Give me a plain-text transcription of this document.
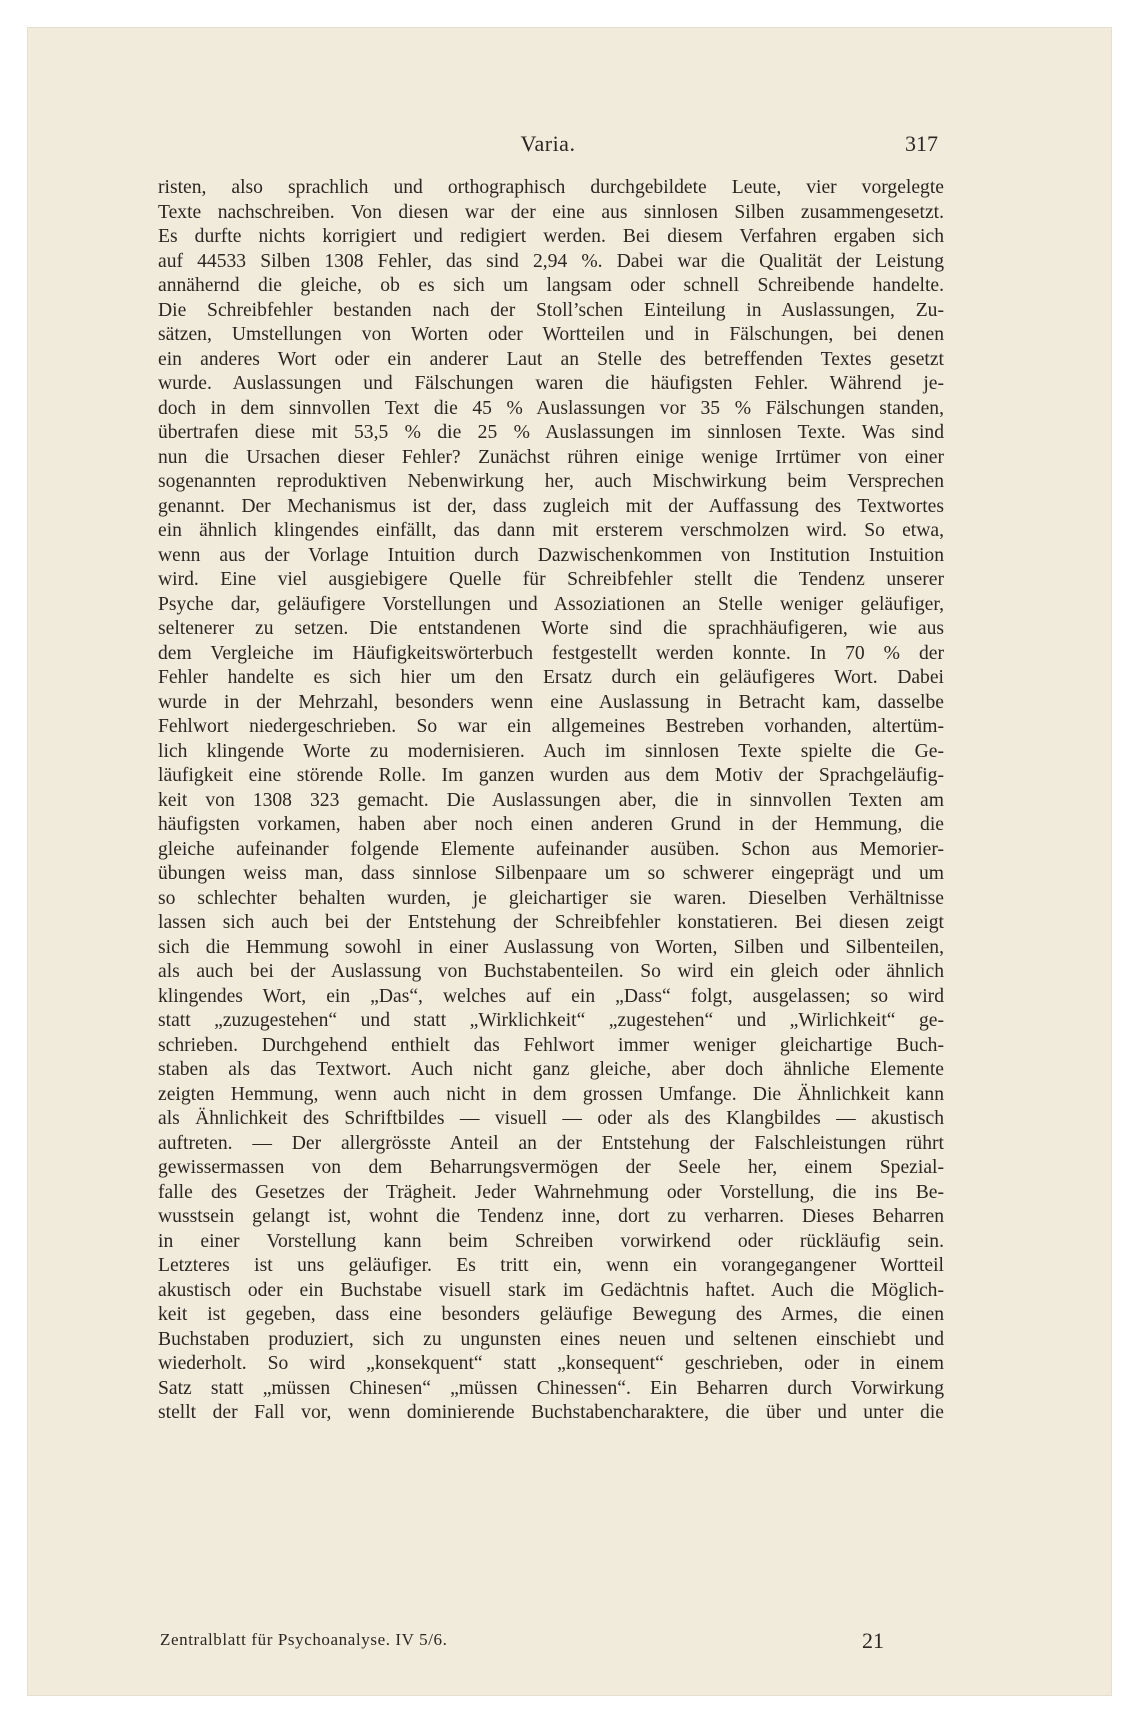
Varia.	317
risten, also sprachlich und orthographisch durchgebildete Leute, vier vorgelegte
Texte nachschreiben. Von diesen war der eine aus sinnlosen Silben zusammengesetzt.
Es durfte nichts korrigiert und redigiert werden. Bei diesem Verfahren ergaben sich
auf 44533 Silben 1308 Fehler, das sind 2,94 %. Dabei war die Qualität der Leistung
annähernd die gleiche, ob es sich um langsam oder schnell Schreibende handelte.
Die Schreibfehler bestanden nach der Stoll’schen Einteilung in Auslassungen, Zu-
sätzen, Umstellungen von Worten oder Wortteilen und in Fälschungen, bei denen
ein anderes Wort oder ein anderer Laut an Stelle des betreffenden Textes gesetzt
wurde. Auslassungen und Fälschungen waren die häufigsten Fehler. Während je-
doch in dem sinnvollen Text die 45 % Auslassungen vor 35 % Fälschungen standen,
übertrafen diese mit 53,5 % die 25 % Auslassungen im sinnlosen Texte. Was sind
nun die Ursachen dieser Fehler? Zunächst rühren einige wenige Irrtümer von einer
sogenannten reproduktiven Nebenwirkung her, auch Mischwirkung beim Versprechen
genannt. Der Mechanismus ist der, dass zugleich mit der Auffassung des Textwortes
ein ähnlich klingendes einfällt, das dann mit ersterem verschmolzen wird. So etwa,
wenn aus der Vorlage Intuition durch Dazwischenkommen von Institution Instuition
wird. Eine viel ausgiebigere Quelle für Schreibfehler stellt die Tendenz unserer
Psyche dar, geläufigere Vorstellungen und Assoziationen an Stelle weniger geläufiger,
seltenerer zu setzen. Die entstandenen Worte sind die sprachhäufigeren, wie aus
dem Vergleiche im Häufigkeitswörterbuch festgestellt werden konnte. In 70 % der
Fehler handelte es sich hier um den Ersatz durch ein geläufigeres Wort. Dabei
wurde in der Mehrzahl, besonders wenn eine Auslassung in Betracht kam, dasselbe
Fehlwort niedergeschrieben. So war ein allgemeines Bestreben vorhanden, altertüm-
lich klingende Worte zu modernisieren. Auch im sinnlosen Texte spielte die Ge-
läufigkeit eine störende Rolle. Im ganzen wurden aus dem Motiv der Sprachgeläufig-
keit von 1308 323 gemacht. Die Auslassungen aber, die in sinnvollen Texten am
häufigsten vorkamen, haben aber noch einen anderen Grund in der Hemmung, die
gleiche aufeinander folgende Elemente aufeinander ausüben. Schon aus Memorier-
übungen weiss man, dass sinnlose Silbenpaare um so schwerer eingeprägt und um
so schlechter behalten wurden, je gleichartiger sie waren. Dieselben Verhältnisse
lassen sich auch bei der Entstehung der Schreibfehler konstatieren. Bei diesen zeigt
sich die Hemmung sowohl in einer Auslassung von Worten, Silben und Silbenteilen,
als auch bei der Auslassung von Buchstabenteilen. So wird ein gleich oder ähnlich
klingendes Wort, ein „Das“, welches auf ein „Dass“ folgt, ausgelassen; so wird
statt „zuzugestehen“ und statt „Wirklichkeit“ „zugestehen“ und „Wirlichkeit“ ge-
schrieben. Durchgehend enthielt das Fehlwort immer weniger gleichartige Buch-
staben als das Textwort. Auch nicht ganz gleiche, aber doch ähnliche Elemente
zeigten Hemmung, wenn auch nicht in dem grossen Umfange. Die Ähnlichkeit kann
als Ähnlichkeit des Schriftbildes — visuell — oder als des Klangbildes — akustisch
auftreten. — Der allergrösste Anteil an der Entstehung der Falschleistungen rührt
gewissermassen von dem Beharrungsvermögen der Seele her, einem Spezial-
falle des Gesetzes der Trägheit. Jeder Wahrnehmung oder Vorstellung, die ins Be-
wusstsein gelangt ist, wohnt die Tendenz inne, dort zu verharren. Dieses Beharren
in einer Vorstellung kann beim Schreiben vorwirkend oder rückläufig sein.
Letzteres ist uns geläufiger. Es tritt ein, wenn ein vorangegangener Wortteil
akustisch oder ein Buchstabe visuell stark im Gedächtnis haftet. Auch die Möglich-
keit ist gegeben, dass eine besonders geläufige Bewegung des Armes, die einen
Buchstaben produziert, sich zu ungunsten eines neuen und seltenen einschiebt und
wiederholt. So wird „konsekquent“ statt „konsequent“ geschrieben, oder in einem
Satz statt „müssen Chinesen“ „müssen Chinessen“. Ein Beharren durch Vorwirkung
stellt der Fall vor, wenn dominierende Buchstabencharaktere, die über und unter die
Zentralblatt für Psychoanalyse. IV 5/6.	21
